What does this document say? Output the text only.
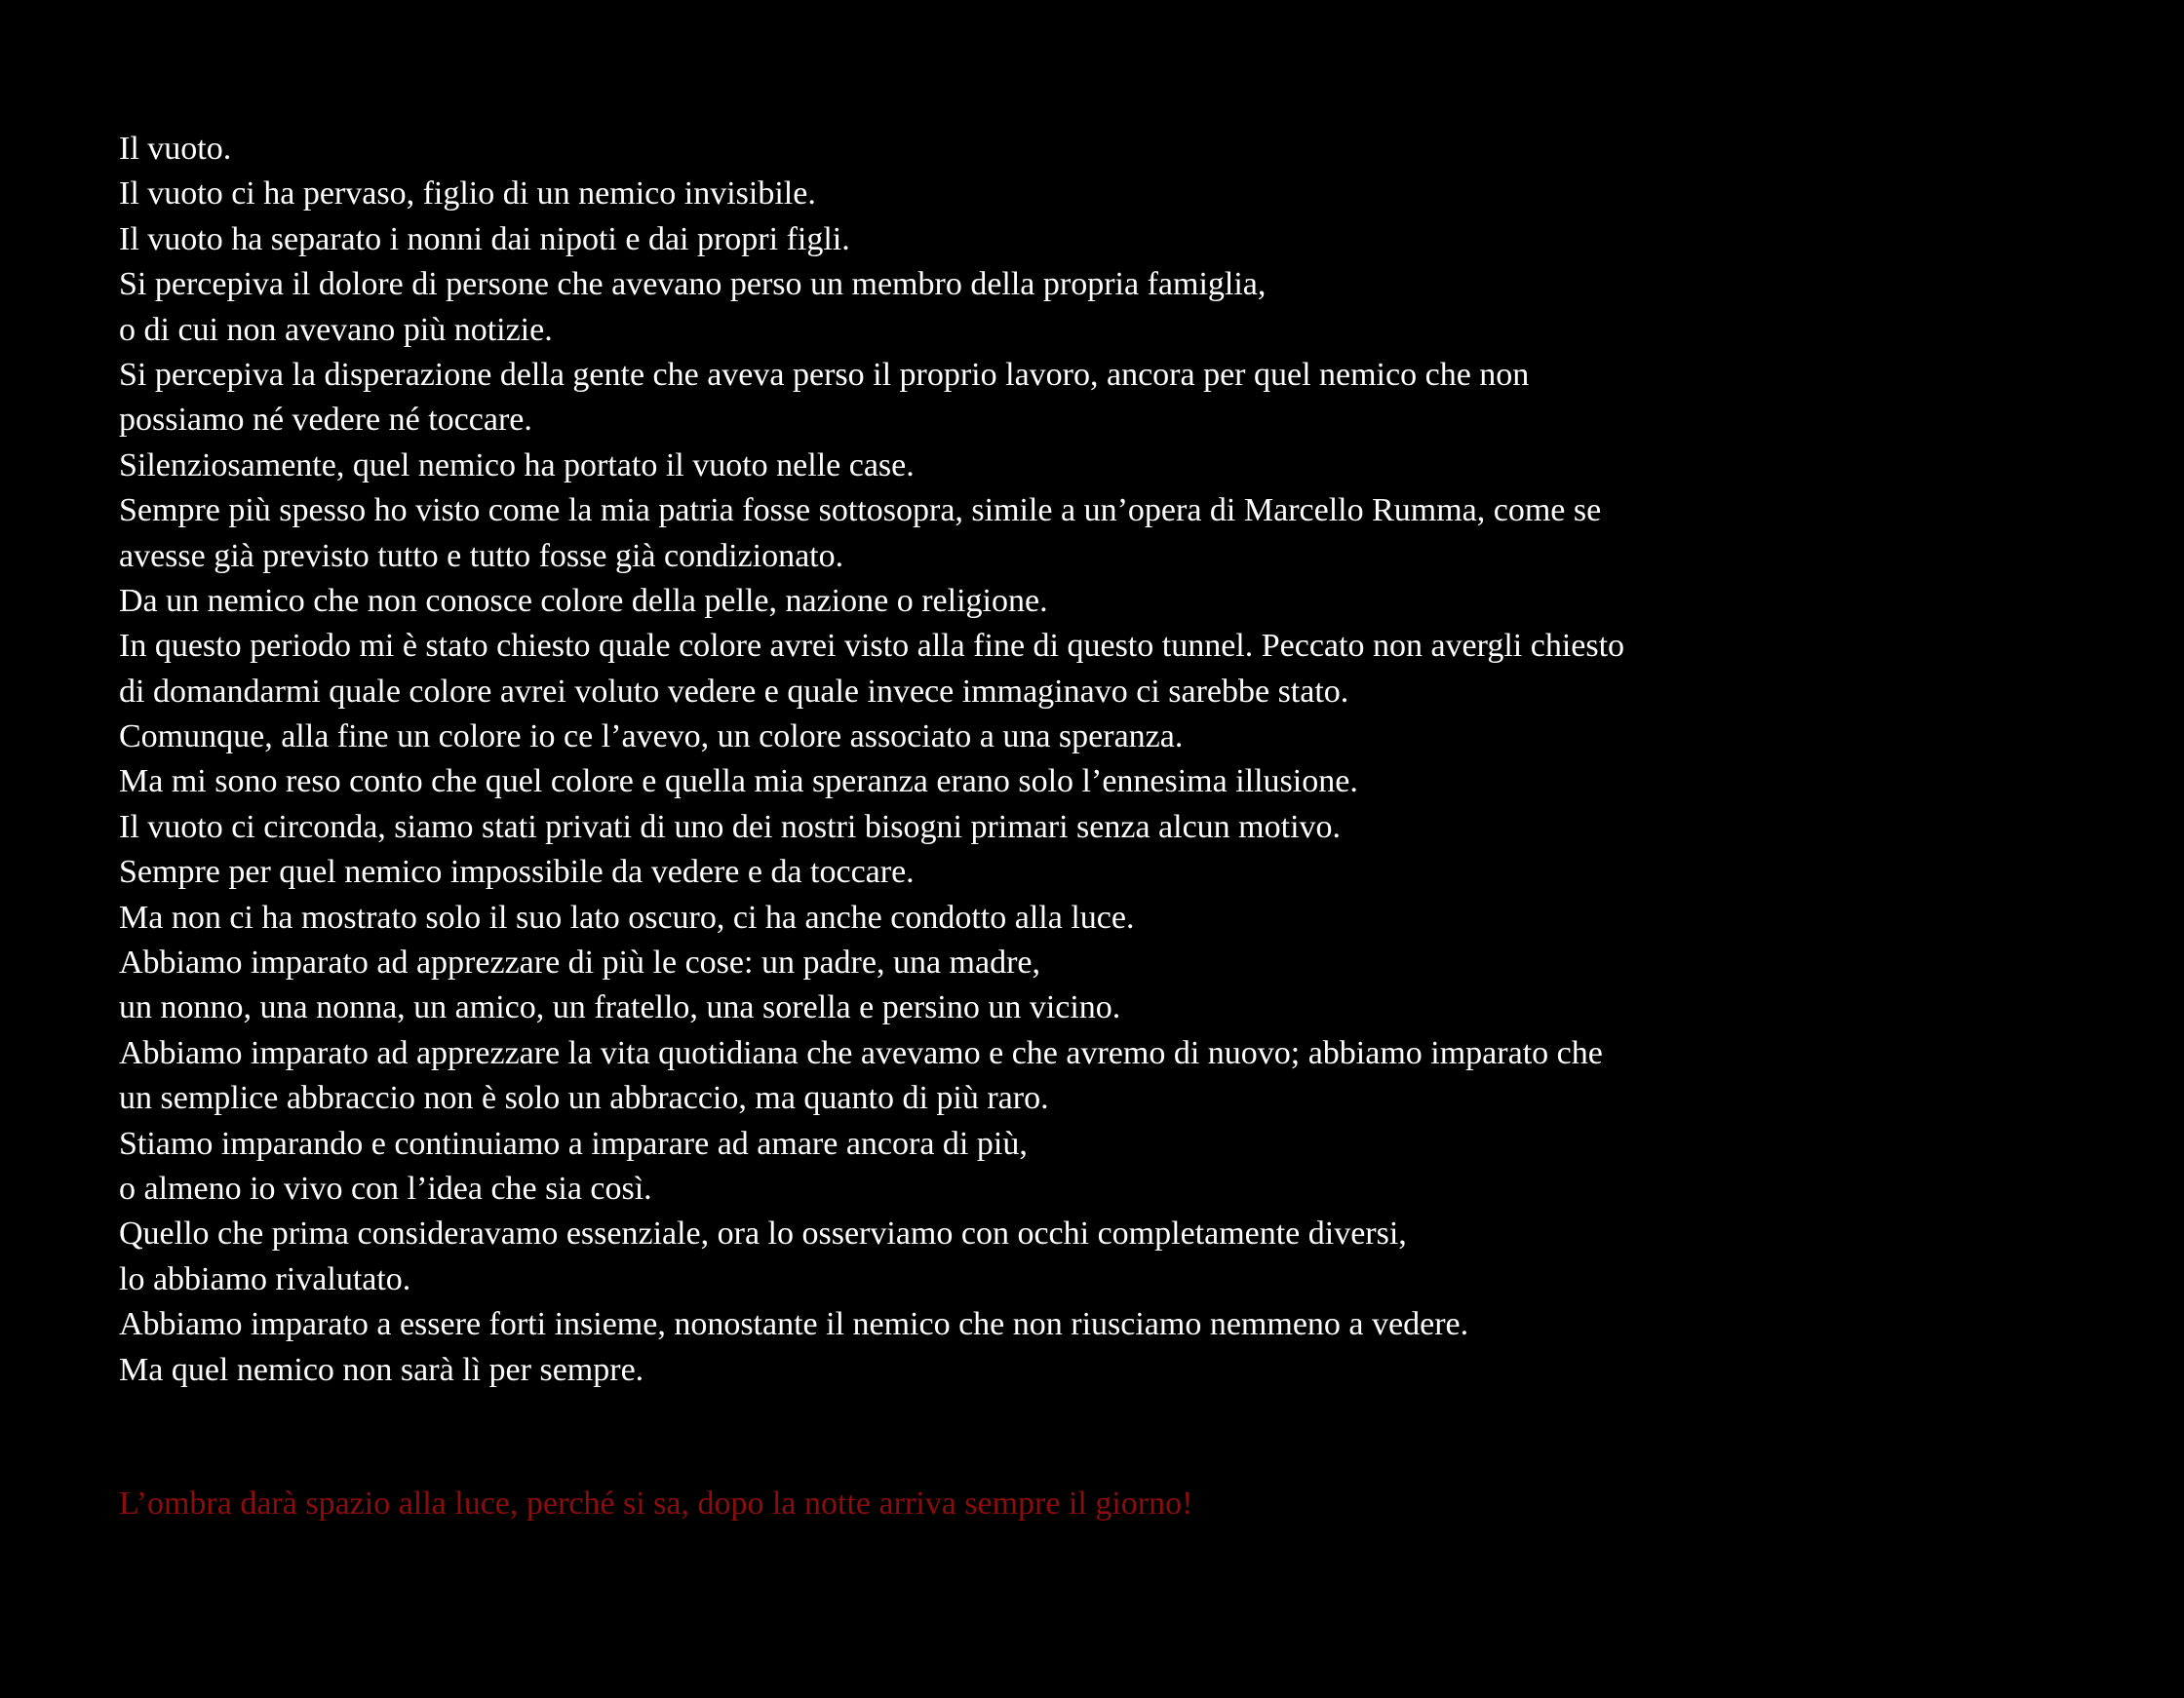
Il vuoto.
Il vuoto ci ha pervaso, figlio di un nemico invisibile.
Il vuoto ha separato i nonni dai nipoti e dai propri figli.
Si percepiva il dolore di persone che avevano perso un membro della propria famiglia,
o di cui non avevano più notizie.
Si percepiva la disperazione della gente che aveva perso il proprio lavoro, ancora per quel nemico che non
possiamo né vedere né toccare.
Silenziosamente, quel nemico ha portato il vuoto nelle case.
Sempre più spesso ho visto come la mia patria fosse sottosopra, simile a un’opera di Marcello Rumma, come se
avesse già previsto tutto e tutto fosse già condizionato.
Da un nemico che non conosce colore della pelle, nazione o religione.
In questo periodo mi è stato chiesto quale colore avrei visto alla fine di questo tunnel. Peccato non avergli chiesto
di domandarmi quale colore avrei voluto vedere e quale invece immaginavo ci sarebbe stato.
Comunque, alla fine un colore io ce l’avevo, un colore associato a una speranza.
Ma mi sono reso conto che quel colore e quella mia speranza erano solo l’ennesima illusione.
Il vuoto ci circonda, siamo stati privati di uno dei nostri bisogni primari senza alcun motivo.
Sempre per quel nemico impossibile da vedere e da toccare.
Ma non ci ha mostrato solo il suo lato oscuro, ci ha anche condotto alla luce.
Abbiamo imparato ad apprezzare di più le cose: un padre, una madre,
un nonno, una nonna, un amico, un fratello, una sorella e persino un vicino.
Abbiamo imparato ad apprezzare la vita quotidiana che avevamo e che avremo di nuovo; abbiamo imparato che
un semplice abbraccio non è solo un abbraccio, ma quanto di più raro.
Stiamo imparando e continuiamo a imparare ad amare ancora di più,
o almeno io vivo con l’idea che sia così.
Quello che prima consideravamo essenziale, ora lo osserviamo con occhi completamente diversi,
lo abbiamo rivalutato.
Abbiamo imparato a essere forti insieme, nonostante il nemico che non riusciamo nemmeno a vedere.
Ma quel nemico non sarà lì per sempre.

L’ombra darà spazio alla luce, perché si sa, dopo la notte arriva sempre il giorno!
